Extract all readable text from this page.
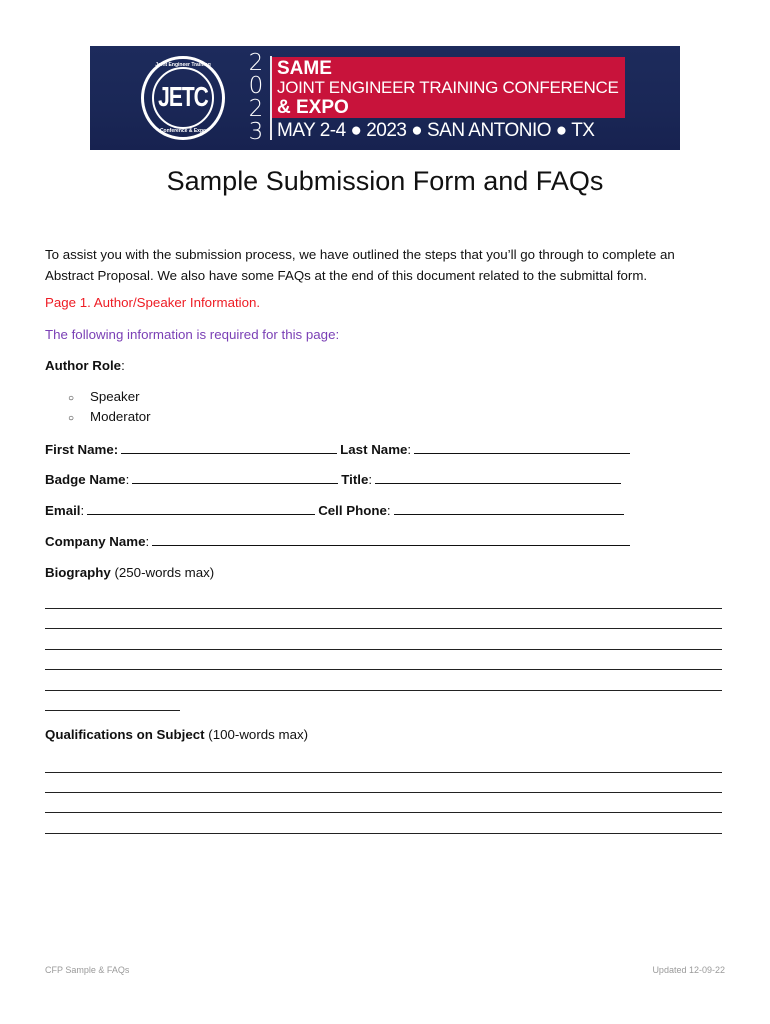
Joint Engineer Training
JETC
Conference & Expo
2
0
2
3
SAME
JOINT ENGINEER TRAINING CONFERENCE
& EXPO
MAY 2-4 ● 2023 ● SAN ANTONIO ● TX
Sample Submission Form and FAQs
To assist you with the submission process, we have outlined the steps that you’ll go through to complete an
Abstract Proposal. We also have some FAQs at the end of this document related to the submittal form.
Page 1. Author/Speaker Information.
The following information is required for this page:
Author Role:
○ Speaker
○ Moderator
First Name:	Last Name:
Badge Name:	Title:
Email:	Cell Phone:
Company Name:
Biography (250-words max)
Qualifications on Subject (100-words max)
CFP Sample & FAQs	Updated 12-09-22
